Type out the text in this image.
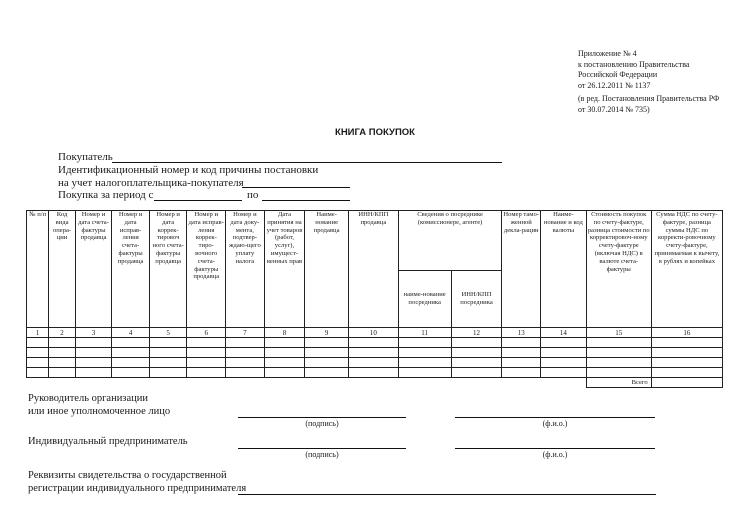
Приложение № 4
к постановлению Правительства
Российской Федерации
от 26.12.2011 № 1137
(в ред. Постановления Правительства РФ
от 30.07.2014 № 735)
КНИГА ПОКУПОК
Покупатель
Идентификационный номер и код причины постановки
на учет налогоплательщика-покупателя
Покупка за период с	по
№ п/п	Код вида опера-ции	Номер и дата счета-фактуры продавца	Номер и дата исправ-ления счета-фактуры продавца	Номер и дата коррек-тировоч ного счета-фактуры продавца	Номер и дата исправ-ления коррек-тиро-вочного счета-фактуры продавца	Номер и дата доку-мента, подтвер-ждаю-щего уплату налога	Дата принятия на учет товаров (работ, услуг), имущест-венных прав	Наиме-нование продавца	ИНН/КПП продавца	Сведения о посреднике (комиссионере, агенте)		Номер тамо-женной декла-рации	Наиме-нование и код валюты	Стоимость покупок по счету-фактуре, разница стоимости по корректировоч-ному счету-фактуре (включая НДС) в валюте счета-фактуры	Сумма НДС по счету-фактуре, разница суммы НДС по корректи-ровочному счету-фактуре, принимаемая к вычету, в рублях и копейках
										наиме-нование посредника	ИНН/КПП посредника				
1	2	3	4	5	6	7	8	9	10	11	12	13	14	15	16

														Всего	
Руководитель организации
или иное уполномоченное лицо
(подпись)	(ф.и.о.)
Индивидуальный предприниматель
(подпись)	(ф.и.о.)
Реквизиты свидетельства о государственной
регистрации индивидуального предпринимателя
